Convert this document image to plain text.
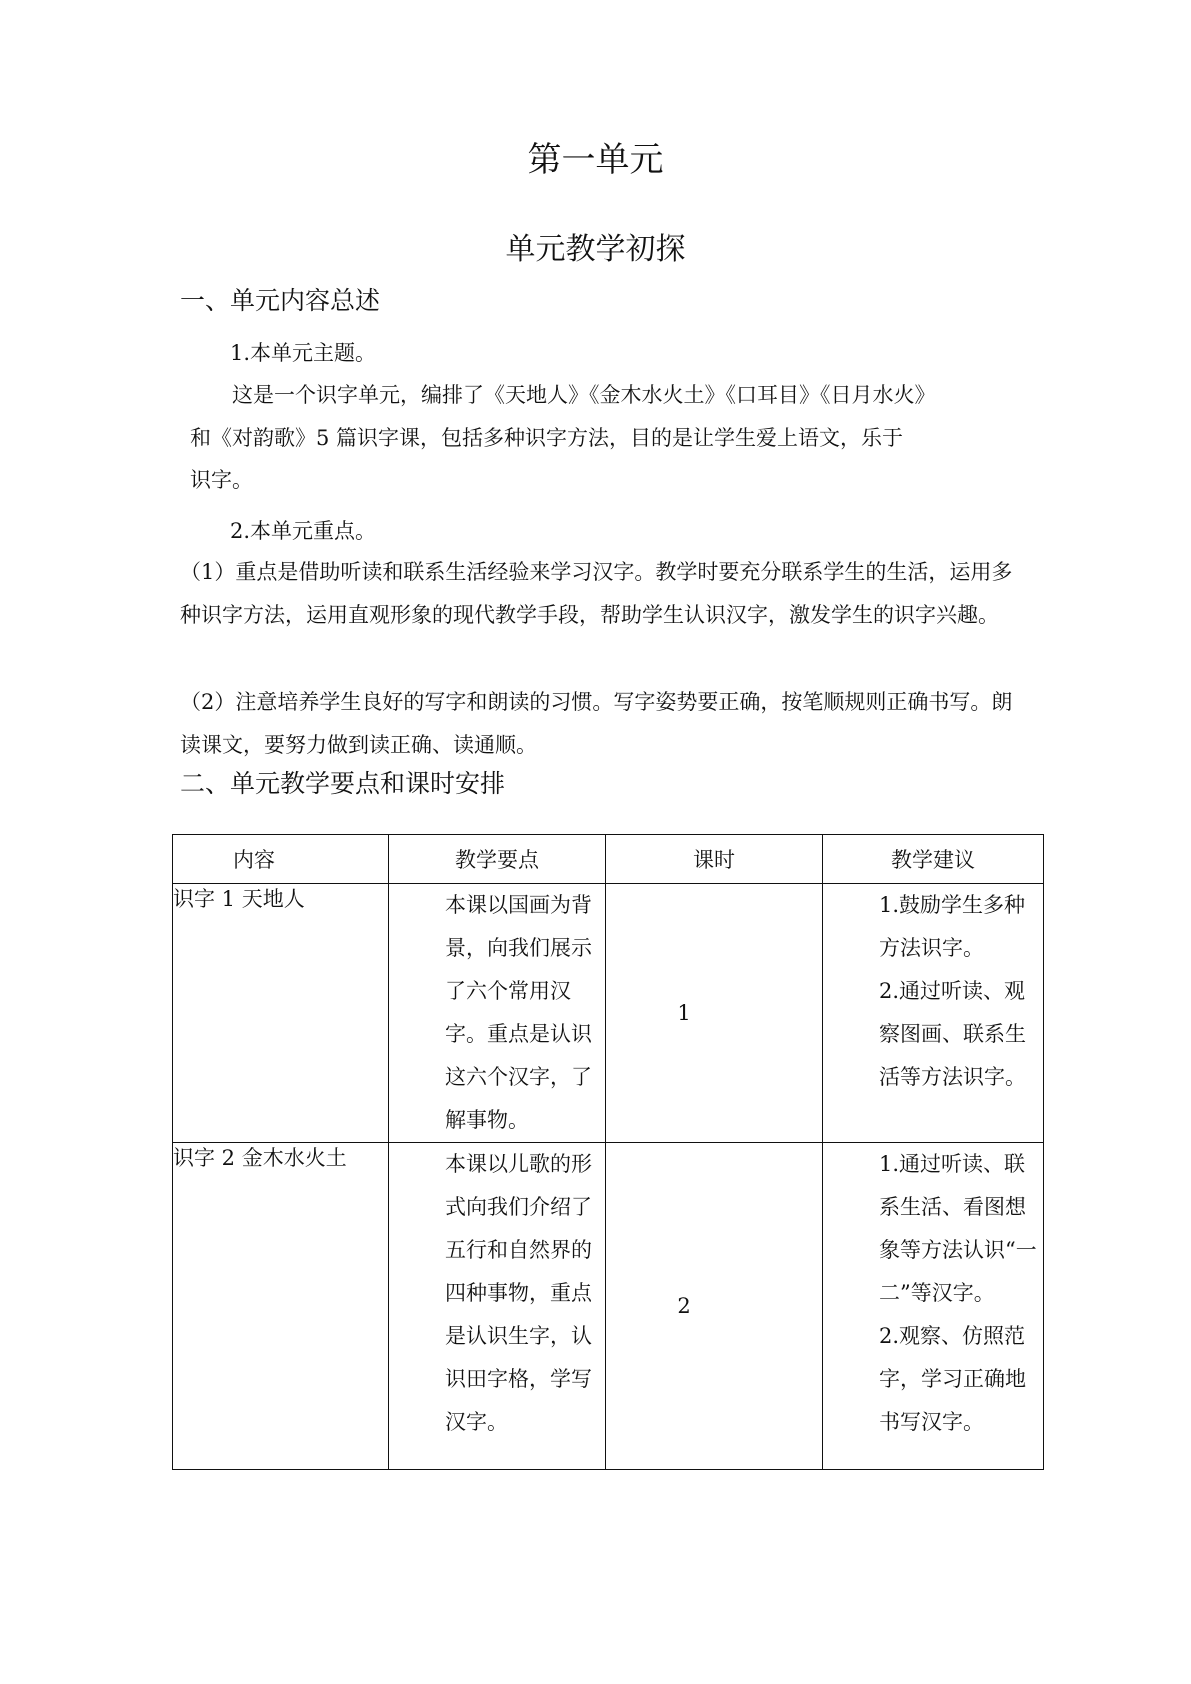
第一单元
单元教学初探
一、单元内容总述
1.本单元主题。
这是一个识字单元，编排了《天地人》《金木水火土》《口耳目》《日月水火》
和《对韵歌》5 篇识字课，包括多种识字方法，目的是让学生爱上语文，乐于
识字。
2.本单元重点。

（1）重点是借助听读和联系生活经验来学习汉字。教学时要充分联系学生的生活，运用多种识字方法，运用直观形象的现代教学手段，帮助学生认识汉字，激发学生的识字兴趣。

（2）注意培养学生良好的写字和朗读的习惯。写字姿势要正确，按笔顺规则正确书写。朗读课文，要努力做到读正确、读通顺。

二、单元教学要点和课时安排
内容	教学要点	课时	教学建议
识字 1 天地人	本课以国画为背景，向我们展示了六个常用汉字。重点是认识这六个汉字，了解事物。	1	1.鼓励学生多种方法识字。
2.通过听读、观察图画、联系生活等方法识字。

识字 2 金木水火土	本课以儿歌的形式向我们介绍了五行和自然界的四种事物，重点是认识生字，认识田字格，学写汉字。	2	1.通过听读、联系生活、看图想象等方法认识“一二”等汉字。
2.观察、仿照范字，学习正确地书写汉字。
